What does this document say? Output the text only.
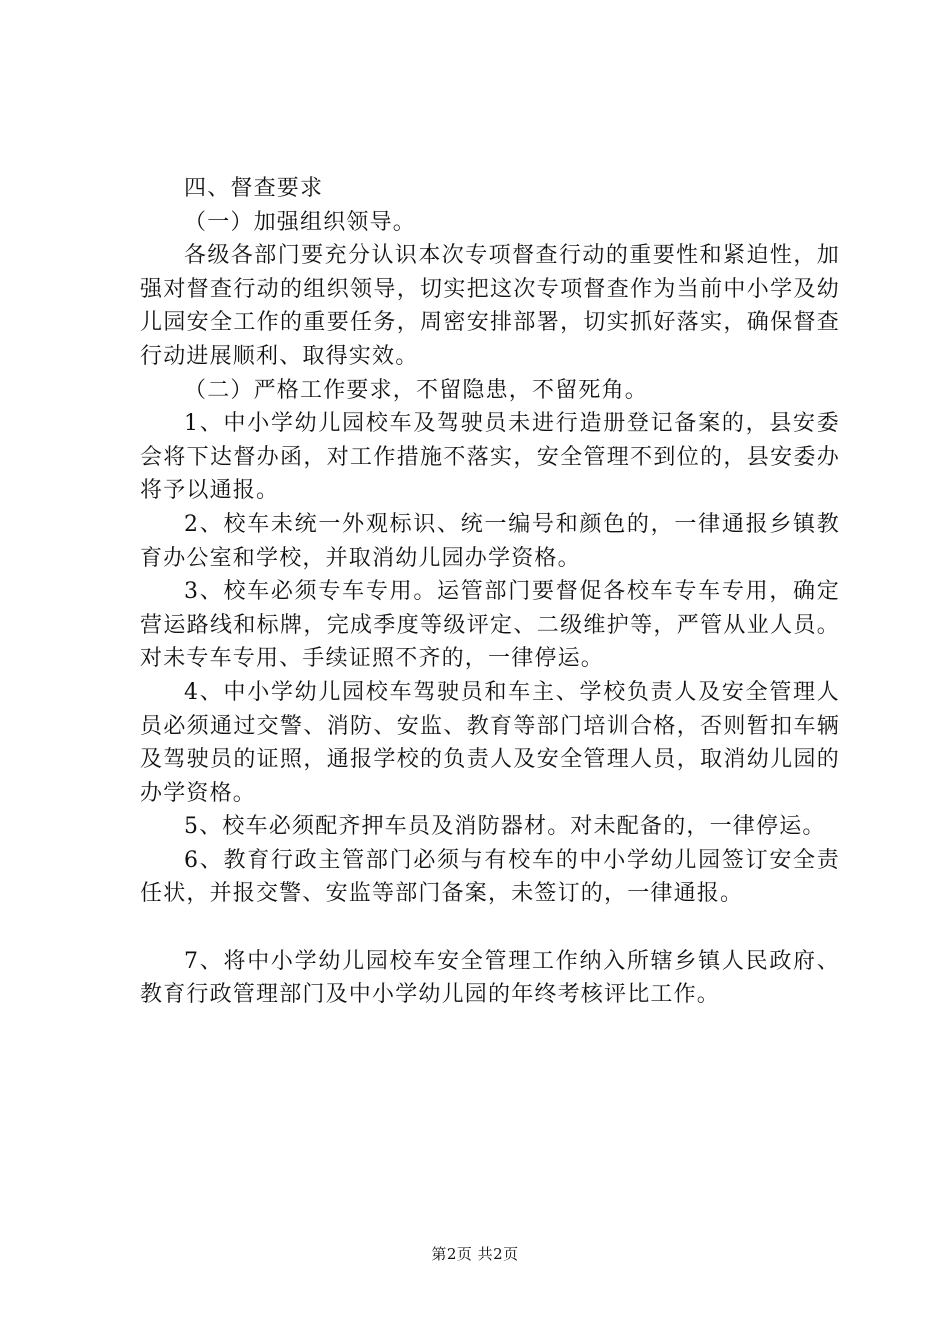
四、督查要求

（一）加强组织领导。

各级各部门要充分认识本次专项督查行动的重要性和紧迫性，加强对督查行动的组织领导，切实把这次专项督查作为当前中小学及幼儿园安全工作的重要任务，周密安排部署，切实抓好落实，确保督查行动进展顺利、取得实效。

（二）严格工作要求，不留隐患，不留死角。

1、中小学幼儿园校车及驾驶员未进行造册登记备案的，县安委会将下达督办函，对工作措施不落实，安全管理不到位的，县安委办将予以通报。

2、校车未统一外观标识、统一编号和颜色的，一律通报乡镇教育办公室和学校，并取消幼儿园办学资格。

3、校车必须专车专用。运管部门要督促各校车专车专用，确定营运路线和标牌，完成季度等级评定、二级维护等，严管从业人员。对未专车专用、手续证照不齐的，一律停运。

4、中小学幼儿园校车驾驶员和车主、学校负责人及安全管理人员必须通过交警、消防、安监、教育等部门培训合格，否则暂扣车辆及驾驶员的证照，通报学校的负责人及安全管理人员，取消幼儿园的办学资格。

5、校车必须配齐押车员及消防器材。对未配备的，一律停运。

6、教育行政主管部门必须与有校车的中小学幼儿园签订安全责任状，并报交警、安监等部门备案，未签订的，一律通报。

7、将中小学幼儿园校车安全管理工作纳入所辖乡镇人民政府、教育行政管理部门及中小学幼儿园的年终考核评比工作。

第2页 共2页
